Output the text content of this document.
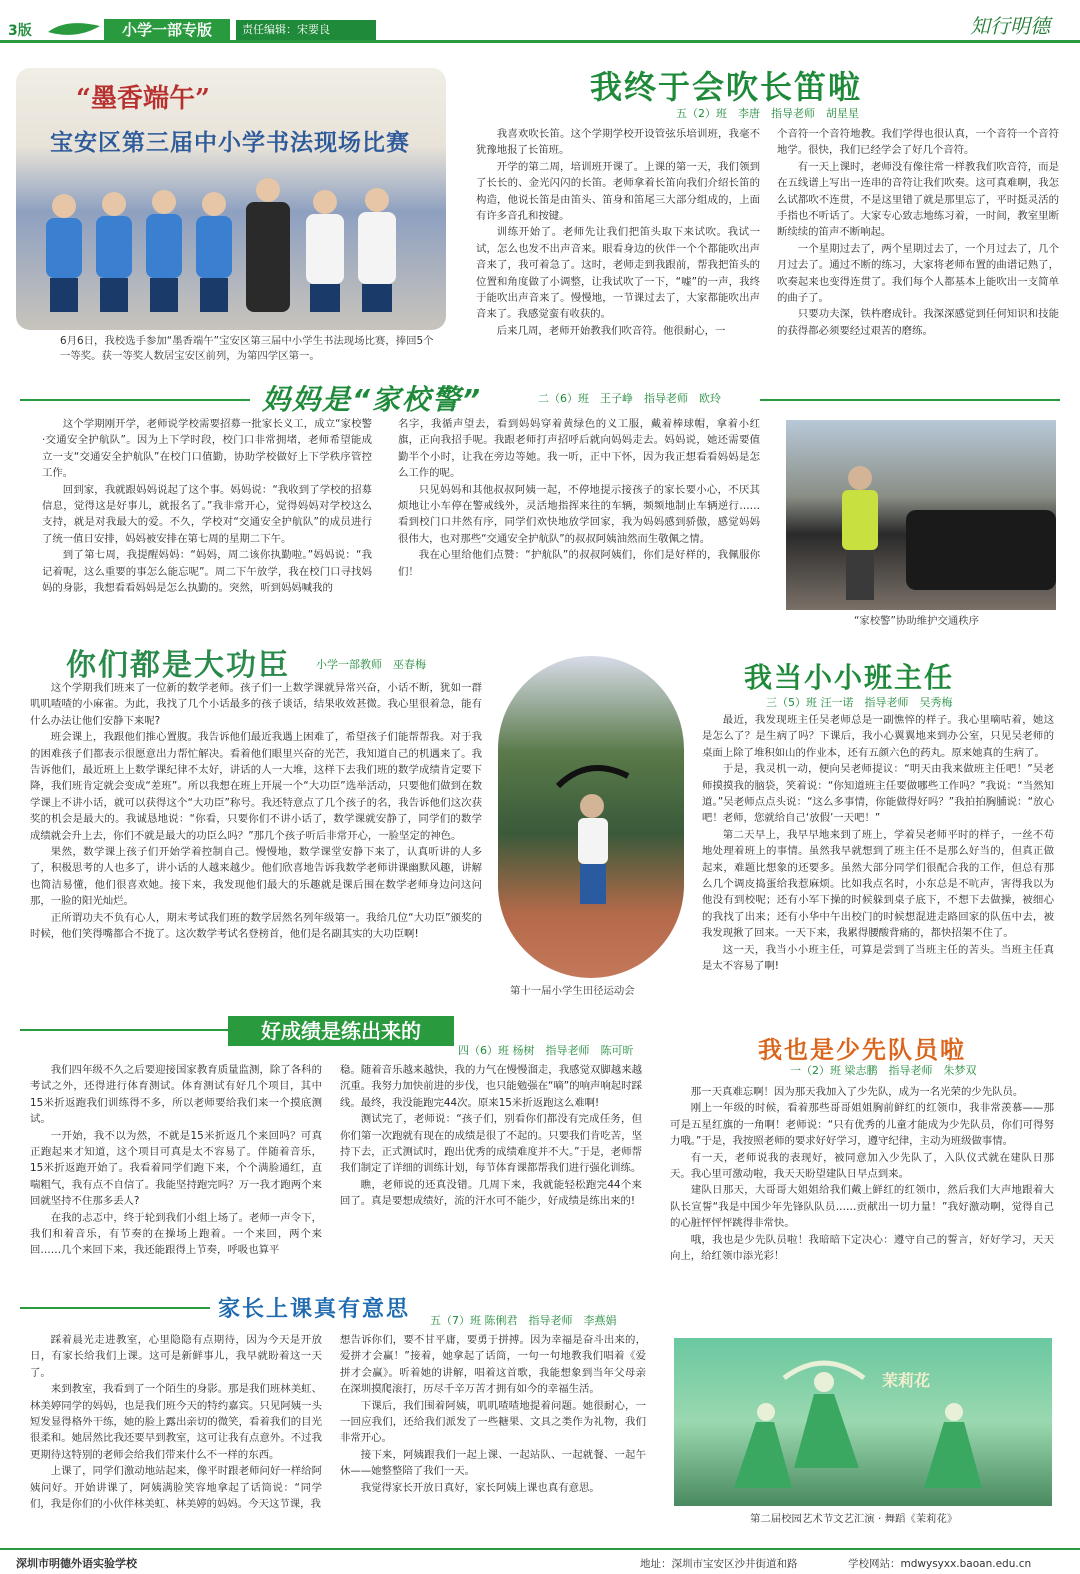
3版	小学一部专版	责任编辑：宋要良	知行明德
“墨香端午”
宝安区第三届中小学书法现场比赛
6月6日，我校选手参加“墨香端午”宝安区第三届中小学生书法现场比赛，捧回5个一等奖。获一等奖人数居宝安区前列，为第四学区第一。
我终于会吹长笛啦
五（2）班　李唐　指导老师　胡星星

我喜欢吹长笛。这个学期学校开设管弦乐培训班，我毫不犹豫地报了长笛班。

开学的第二周，培训班开课了。上课的第一天，我们领到了长长的、金光闪闪的长笛。老师拿着长笛向我们介绍长笛的构造，他说长笛是由笛头、笛身和笛尾三大部分组成的，上面有许多音孔和按键。

训练开始了。老师先让我们把笛头取下来试吹。我试一试，怎么也发不出声音来。眼看身边的伙伴一个个都能吹出声音来了，我可着急了。这时，老师走到我跟前，帮我把笛头的位置和角度做了小调整，让我试吹了一下，“嘘”的一声，我终于能吹出声音来了。慢慢地，一节课过去了，大家都能吹出声音来了。我感觉蛮有收获的。

后来几周，老师开始教我们吹音符。他很耐心，一

个音符一个音符地教。我们学得也很认真，一个音符一个音符地学。很快，我们已经学会了好几个音符。

有一天上课时，老师没有像往常一样教我们吹音符，而是在五线谱上写出一连串的音符让我们吹奏。这可真难啊，我怎么试都吹不连贯，不是这里错了就是那里忘了，平时挺灵活的手指也不听话了。大家专心致志地练习着，一时间，教室里断断续续的笛声不断响起。

一个星期过去了，两个星期过去了，一个月过去了，几个月过去了。通过不断的练习，大家将老师布置的曲谱记熟了，吹奏起来也变得连贯了。我们每个人都基本上能吹出一支简单的曲子了。

只要功夫深，铁杵磨成针。我深深感觉到任何知识和技能的获得都必须要经过艰苦的磨练。

妈妈是“家校警”	二（6）班　王子峥　指导老师　欧玲

这个学期刚开学，老师说学校需要招募一批家长义工，成立“家校警·交通安全护航队”。因为上下学时段，校门口非常拥堵，老师希望能成立一支“交通安全护航队”在校门口值勤，协助学校做好上下学秩序管控工作。

回到家，我就跟妈妈说起了这个事。妈妈说：“我收到了学校的招募信息，觉得这是好事儿，就报名了。”我非常开心，觉得妈妈对学校这么支持，就是对我最大的爱。不久，学校对“交通安全护航队”的成员进行了统一值日安排，妈妈被安排在第七周的星期二下午。

到了第七周，我提醒妈妈：“妈妈，周二该你执勤啦。”妈妈说：“我记着呢，这么重要的事怎么能忘呢”。周二下午放学，我在校门口寻找妈妈的身影，我想看看妈妈是怎么执勤的。突然，听到妈妈喊我的

名字，我循声望去，看到妈妈穿着黄绿色的义工服，戴着棒球帽，拿着小红旗，正向我招手呢。我跟老师打声招呼后就向妈妈走去。妈妈说，她还需要值勤半个小时，让我在旁边等她。我一听，正中下怀，因为我正想看看妈妈是怎么工作的呢。

只见妈妈和其他叔叔阿姨一起，不停地提示接孩子的家长要小心，不厌其烦地让小车停在警戒线外，灵活地指挥来往的车辆，频频地制止车辆逆行……看到校门口井然有序，同学们欢快地放学回家，我为妈妈感到骄傲，感觉妈妈很伟大，也对那些“交通安全护航队”的叔叔阿姨油然而生敬佩之情。

我在心里给他们点赞：“护航队”的叔叔阿姨们，你们是好样的，我佩服你们！

“家校警”协助维护交通秩序
你们都是大功臣 小学一部教师　巫春梅

这个学期我们班来了一位新的数学老师。孩子们一上数学课就异常兴奋，小话不断，犹如一群叽叽喳喳的小麻雀。为此，我找了几个小话最多的孩子谈话，结果收效甚微。我心里很着急，能有什么办法让他们安静下来呢?

班会课上，我跟他们推心置腹。我告诉他们最近我遇上困难了，希望孩子们能帮帮我。对于我的困难孩子们都表示很愿意出力帮忙解决。看着他们眼里兴奋的光芒，我知道自己的机遇来了。我告诉他们，最近班上上数学课纪律不太好，讲话的人一大堆，这样下去我们班的数学成绩肯定要下降，我们班肯定就会变成“差班”。所以我想在班上开展一个“大功臣”选举活动，只要他们做到在数学课上不讲小话，就可以获得这个“大功臣”称号。我还特意点了几个孩子的名，我告诉他们这次获奖的机会是最大的。我诚恳地说：“你看，只要你们不讲小话了，数学课就安静了，同学们的数学成绩就会升上去，你们不就是最大的功臣么吗？”那几个孩子听后非常开心，一脸坚定的神色。

果然，数学课上孩子们开始学着控制自己。慢慢地，数学课堂安静下来了，认真听讲的人多了，积极思考的人也多了，讲小话的人越来越少。他们欣喜地告诉我数学老师讲课幽默风趣，讲解也简洁易懂，他们很喜欢她。接下来，我发现他们最大的乐趣就是课后围在数学老师身边问这问那，一脸的阳光灿烂。

正所谓功夫不负有心人，期末考试我们班的数学居然名列年级第一。我给几位“大功臣”颁奖的时候，他们笑得嘴都合不拢了。这次数学考试名登榜首，他们是名副其实的大功臣啊!

第十一届小学生田径运动会
我当小小班主任
三（5）班 汪一诺　指导老师　吴秀梅

最近，我发现班主任吴老师总是一副憔悴的样子。我心里嘀咕着，她这是怎么了？是生病了吗？下课后，我小心翼翼地来到办公室，只见吴老师的桌面上除了堆积如山的作业本，还有五颜六色的药丸。原来她真的生病了。

于是，我灵机一动，便向吴老师提议：“明天由我来做班主任吧！”吴老师摸摸我的脑袋，笑着说：“你知道班主任要做哪些工作吗？”我说：“当然知道。”吴老师点点头说：“这么多事情，你能做得好吗？”我拍拍胸脯说：“放心吧！老师，您就给自己‘放假’一天吧！”

第二天早上，我早早地来到了班上，学着吴老师平时的样子，一丝不苟地处理着班上的事情。虽然我早就想到了班主任不是那么好当的，但真正做起来，难题比想象的还要多。虽然大部分同学们很配合我的工作，但总有那么几个调皮捣蛋给我惹麻烦。比如我点名时，小东总是不吭声，害得我以为他没有到校呢；还有小军下操的时候躲到桌子底下，不想下去做操，被细心的我找了出来；还有小华中午出校门的时候想混进走路回家的队伍中去，被我发现揪了回来。一天下来，我累得腰酸背痛的，都快招架不住了。

这一天，我当小小班主任，可算是尝到了当班主任的苦头。当班主任真是太不容易了啊!

好成绩是练出来的
四（6）班 杨树　指导老师　陈可昕

我们四年级不久之后要迎接国家教育质量监测，除了各科的考试之外，还得进行体育测试。体育测试有好几个项目，其中15米折返跑我们训练得不多，所以老师要给我们来一个摸底测试。

一开始，我不以为然，不就是15米折返几个来回吗？可真正跑起来才知道，这个项目可真是太不容易了。伴随着音乐，15米折返跑开始了。我看着同学们跑下来，个个满脸通红，直喘粗气，我有点不自信了。我能坚持跑完吗？万一我才跑两个来回就坚持不住那多丢人?

在我的忐忑中，终于轮到我们小组上场了。老师一声令下，我们和着音乐，有节奏的在操场上跑着。一个来回，两个来回……几个来回下来，我还能跟得上节奏，呼吸也算平

稳。随着音乐越来越快，我的力气在慢慢溜走，我感觉双脚越来越沉重。我努力加快前进的步伐，也只能勉强在“嘀”的响声响起时踩线。最终，我没能跑完44次。原来15米折返跑这么难啊!

测试完了，老师说：“孩子们，别看你们都没有完成任务，但你们第一次跑就有现在的成绩是很了不起的。只要我们肯吃苦，坚持下去，正式测试时，跑出优秀的成绩难度并不大。”于是，老师帮我们制定了详细的训练计划，每节体育课都帮我们进行强化训练。

瞧，老师说的还真没错。几周下来，我就能轻松跑完44个来回了。真是要想成绩好，流的汗水可不能少，好成绩是练出来的!

我也是少先队员啦
一（2）班 梁志鹏　指导老师　朱梦双

那一天真难忘啊！因为那天我加入了少先队，成为一名光荣的少先队员。

刚上一年级的时候，看着那些哥哥姐姐胸前鲜红的红领巾，我非常羡慕——那可是五星红旗的一角啊！老师说：“只有优秀的儿童才能成为少先队员，你们可得努力哦。”于是，我按照老师的要求好好学习，遵守纪律，主动为班级做事情。

有一天，老师说我的表现好，被同意加入少先队了，入队仪式就在建队日那天。我心里可激动啦，我天天盼望建队日早点到来。

建队日那天，大哥哥大姐姐给我们戴上鲜红的红领巾，然后我们大声地跟着大队长宣誓“我是中国少年先锋队队员……贡献出一切力量！”我好激动啊，觉得自己的心脏怦怦怦跳得非常快。

哦，我也是少先队员啦！我暗暗下定决心：遵守自己的誓言，好好学习，天天向上，给红领巾添光彩！

茉莉花
第二届校园艺术节文艺汇演 · 舞蹈《茉莉花》
家长上课真有意思 五（7）班 陈俐君　指导老师　李燕娟

踩着晨光走进教室，心里隐隐有点期待，因为今天是开放日，有家长给我们上课。这可是新鲜事儿，我早就盼着这一天了。

来到教室，我看到了一个陌生的身影。那是我们班林美虹、林美婷同学的妈妈，也是我们班今天的特约嘉宾。只见阿姨一头短发显得格外干练，她的脸上露出亲切的微笑，看着我们的目光很柔和。她居然比我还要早到教室，这可让我有点意外。不过我更期待这特别的老师会给我们带来什么不一样的东西。

上课了，同学们激动地站起来，像平时跟老师问好一样给阿姨问好。开始讲课了，阿姨满脸笑容地拿起了话筒说：“同学们，我是你们的小伙伴林美虹、林美婷的妈妈。今天这节课，我

想告诉你们，要不甘平庸，要勇于拼搏。因为幸福是奋斗出来的，爱拼才会赢！”接着，她拿起了话筒，一句一句地教我们唱着《爱拼才会赢》。听着她的讲解，唱着这首歌，我能想象到当年父母亲在深圳摸爬滚打，历尽千辛万苦才拥有如今的幸福生活。

下课后，我们围着阿姨，叽叽喳喳地提着问题。她很耐心，一一回应我们，还给我们派发了一些糖果、文具之类作为礼物，我们非常开心。

接下来，阿姨跟我们一起上课、一起站队、一起就餐、一起午休——她整整陪了我们一天。

我觉得家长开放日真好，家长阿姨上课也真有意思。

深圳市明德外语实验学校	地址：深圳市宝安区沙井街道和路	学校网站：mdwysyxx.baoan.edu.cn
